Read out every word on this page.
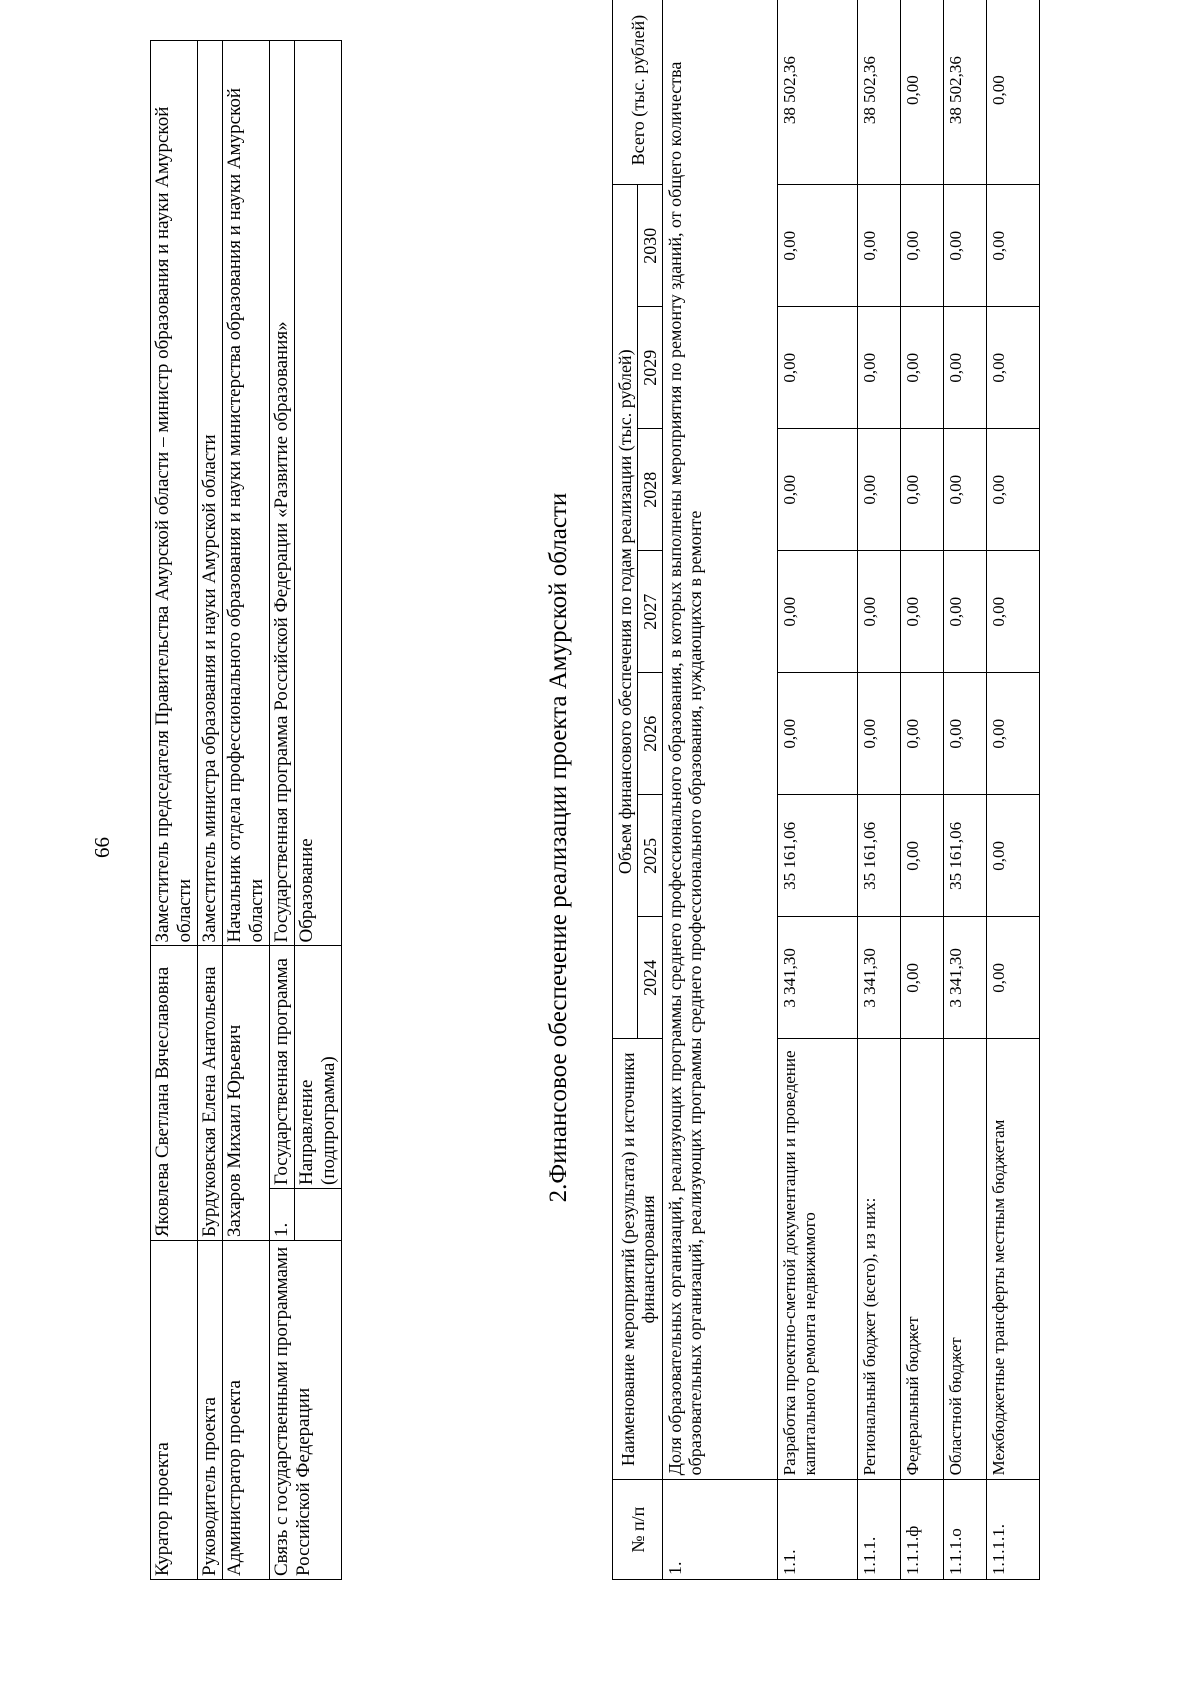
66
Куратор проекта	Яковлева Светлана Вячеславовна		Заместитель председателя Правительства Амурской области – министр образования и науки Амурской области
Руководитель проекта	Бурдуковская Елена Анатольевна		Заместитель министра образования и науки Амурской области
Администратор проекта	Захаров Михаил Юрьевич		Начальник отдела профессионального образования и науки министерства образования и науки Амурской области
Связь с государственными программами Российской Федерации	1.	Государственная программа	Государственная программа Российской Федерации «Развитие образования»
		Направление (подпрограмма)	Образование	2.Финансовое обеспечение реализации проекта Амурской области
№ п/п	Наименование мероприятий (результата) и источники финансирования	Объем финансового обеспечения по годам реализации (тыс. рублей)							Всего (тыс. рублей)
		2024	2025	2026	2027	2028	2029	2030	
1.	Доля образовательных организаций, реализующих программы среднего профессионального образования, в которых выполнены мероприятия по ремонту зданий, от общего количества образовательных организаций, реализующих программы среднего профессионального образования, нуждающихся в ремонте								
1.1.	Разработка проектно-сметной документации и проведение капитального ремонта недвижимого	3 341,30	35 161,06	0,00	0,00	0,00	0,00	0,00	38 502,36
1.1.1.	Региональный бюджет (всего), из них:	3 341,30	35 161,06	0,00	0,00	0,00	0,00	0,00	38 502,36
1.1.1.ф	Федеральный бюджет	0,00	0,00	0,00	0,00	0,00	0,00	0,00	0,00
1.1.1.о	Областной бюджет	3 341,30	35 161,06	0,00	0,00	0,00	0,00	0,00	38 502,36
1.1.1.1.	Межбюджетные трансферты местным бюджетам	0,00	0,00	0,00	0,00	0,00	0,00	0,00	0,00
